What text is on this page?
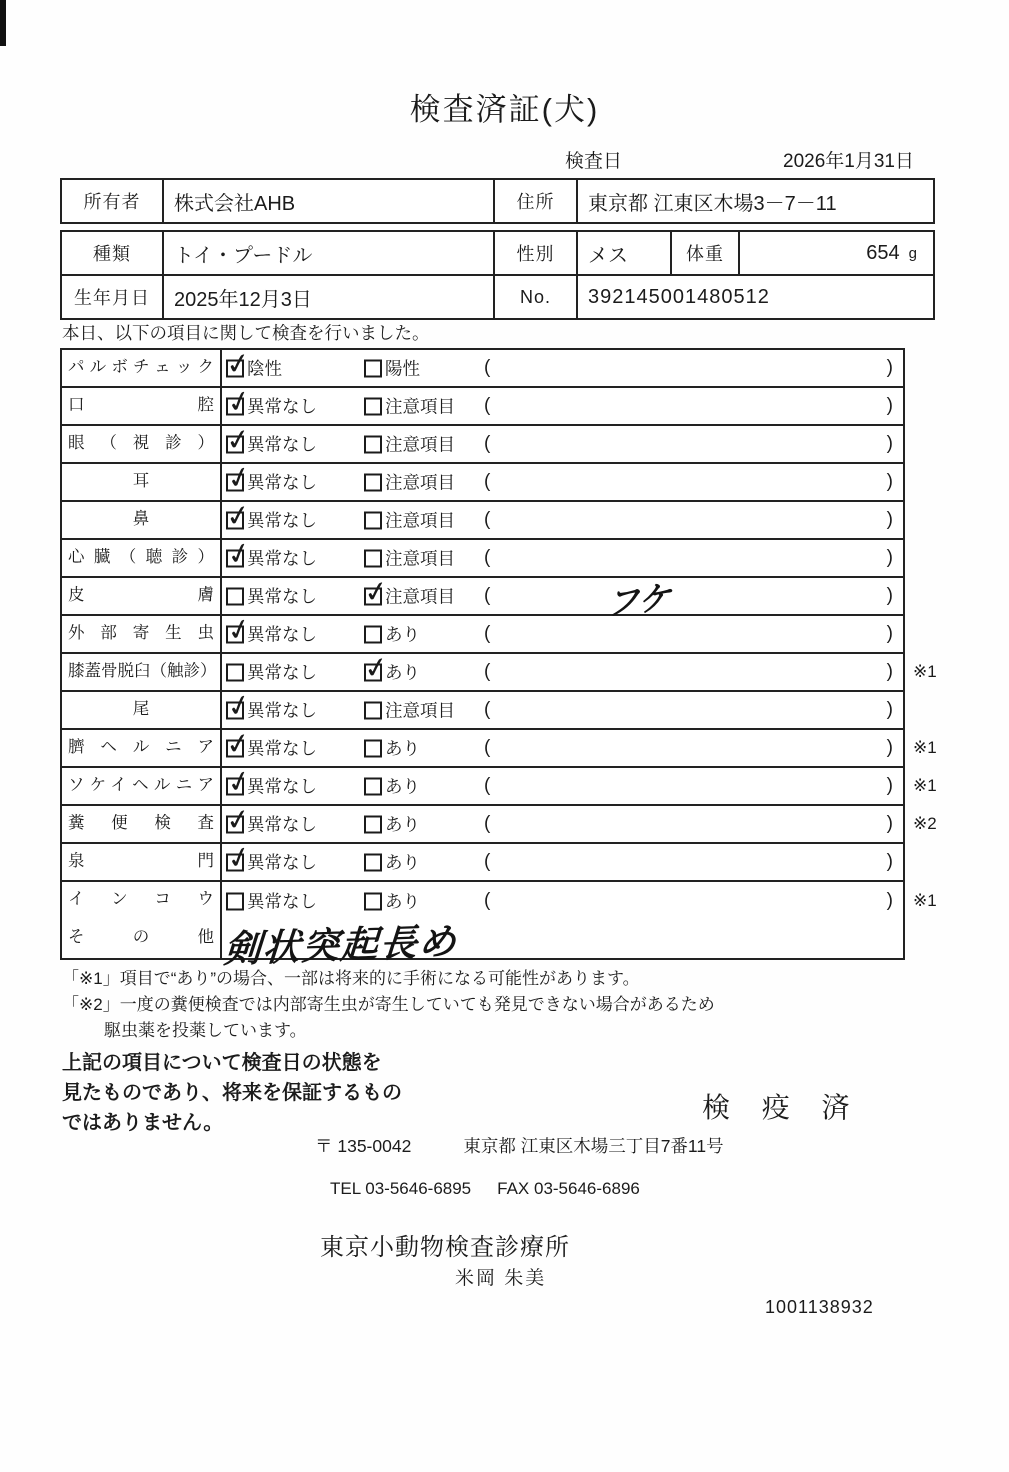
検査済証(犬)
検査日	2026年1月31日
所有者	株式会社AHB	住所	東京都 江東区木場3－7－11
種類	トイ・プードル	性別	メス	体重	654 g
生年月日	2025年12月3日	No.	392145001480512
本日、以下の項目に関して検査を行いました。
パルボチェック ✓	陰性	陽性	(	)
口腔 ✓	異常なし	注意項目 (	)
眼（視診） ✓	異常なし	注意項目 (	)
耳 ✓	異常なし	注意項目 (	)
鼻 ✓	異常なし	注意項目 (	)
心臓（聴診） ✓	異常なし	注意項目 (	)
皮膚	異常なし ✓	注意項目 (	フケ	)
外部寄生虫 ✓	異常なし	あり	(	)
膝蓋骨脱臼（触診）	異常なし ✓	あり	(	) ※1
尾 ✓	異常なし	注意項目 (	)
臍ヘルニア ✓	異常なし	あり	(	) ※1
ソケイヘルニア ✓	異常なし	あり	(	) ※1
糞便検査 ✓	異常なし	あり	(	) ※2
泉門 ✓	異常なし	あり	(	)
インコウ	異常なし	あり	(	) ※1
その他 剣状突起長め
「※1」項目で“あり”の場合、一部は将来的に手術になる可能性があります。
「※2」一度の糞便検査では内部寄生虫が寄生していても発見できない場合があるため
駆虫薬を投薬しています。
上記の項目について検査日の状態を
見たものであり、将来を保証するもの
ではありません。	検 疫 済
〒 135-0042	東京都 江東区木場三丁目7番11号
TEL 03-5646-6895 FAX 03-5646-6896
東京小動物検査診療所
米岡 朱美
1001138932
